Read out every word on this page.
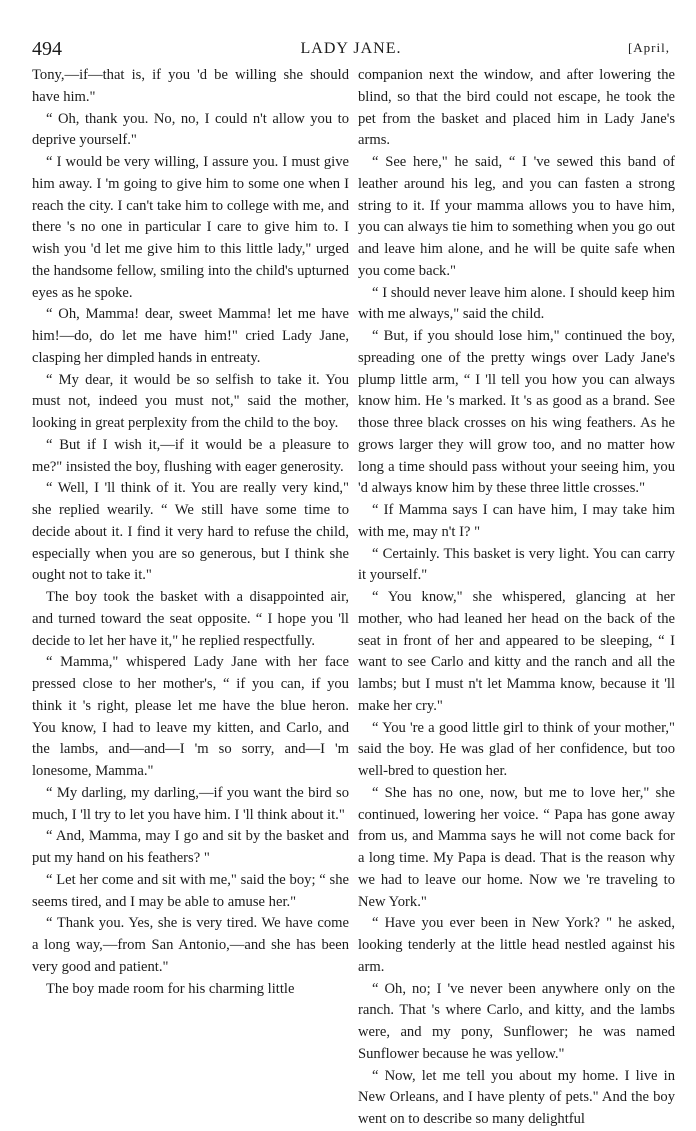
494	LADY JANE.	[April,

Tony,—if—that is, if you 'd be willing she should have him."

“ Oh, thank you. No, no, I could n't allow you to deprive yourself."

“ I would be very willing, I assure you. I must give him away. I 'm going to give him to some one when I reach the city. I can't take him to college with me, and there 's no one in particular I care to give him to. I wish you 'd let me give him to this little lady," urged the handsome fellow, smiling into the child's upturned eyes as he spoke.

“ Oh, Mamma! dear, sweet Mamma! let me have him!—do, do let me have him!" cried Lady Jane, clasping her dimpled hands in entreaty.

“ My dear, it would be so selfish to take it. You must not, indeed you must not," said the mother, looking in great perplexity from the child to the boy.

“ But if I wish it,—if it would be a pleasure to me?" insisted the boy, flushing with eager generosity.

“ Well, I 'll think of it. You are really very kind," she replied wearily. “ We still have some time to decide about it. I find it very hard to refuse the child, especially when you are so generous, but I think she ought not to take it."

The boy took the basket with a disappointed air, and turned toward the seat opposite. “ I hope you 'll decide to let her have it," he replied respectfully.

“ Mamma," whispered Lady Jane with her face pressed close to her mother's, “ if you can, if you think it 's right, please let me have the blue heron. You know, I had to leave my kitten, and Carlo, and the lambs, and—and—I 'm so sorry, and—I 'm lonesome, Mamma."

“ My darling, my darling,—if you want the bird so much, I 'll try to let you have him. I 'll think about it."

“ And, Mamma, may I go and sit by the basket and put my hand on his feathers? "

“ Let her come and sit with me," said the boy; “ she seems tired, and I may be able to amuse her."

“ Thank you. Yes, she is very tired. We have come a long way,—from San Antonio,—and she has been very good and patient."

The boy made room for his charming little

companion next the window, and after lowering the blind, so that the bird could not escape, he took the pet from the basket and placed him in Lady Jane's arms.

“ See here," he said, “ I 've sewed this band of leather around his leg, and you can fasten a strong string to it. If your mamma allows you to have him, you can always tie him to something when you go out and leave him alone, and he will be quite safe when you come back."

“ I should never leave him alone. I should keep him with me always," said the child.

“ But, if you should lose him," continued the boy, spreading one of the pretty wings over Lady Jane's plump little arm, “ I 'll tell you how you can always know him. He 's marked. It 's as good as a brand. See those three black crosses on his wing feathers. As he grows larger they will grow too, and no matter how long a time should pass without your seeing him, you 'd always know him by these three little crosses."

“ If Mamma says I can have him, I may take him with me, may n't I? "

“ Certainly. This basket is very light. You can carry it yourself."

“ You know," she whispered, glancing at her mother, who had leaned her head on the back of the seat in front of her and appeared to be sleeping, “ I want to see Carlo and kitty and the ranch and all the lambs; but I must n't let Mamma know, because it 'll make her cry."

“ You 're a good little girl to think of your mother," said the boy. He was glad of her confidence, but too well-bred to question her.

“ She has no one, now, but me to love her," she continued, lowering her voice. “ Papa has gone away from us, and Mamma says he will not come back for a long time. My Papa is dead. That is the reason why we had to leave our home. Now we 're traveling to New York."

“ Have you ever been in New York? " he asked, looking tenderly at the little head nestled against his arm.

“ Oh, no; I 've never been anywhere only on the ranch. That 's where Carlo, and kitty, and the lambs were, and my pony, Sunflower; he was named Sunflower because he was yellow."

“ Now, let me tell you about my home. I live in New Orleans, and I have plenty of pets." And the boy went on to describe so many delightful
